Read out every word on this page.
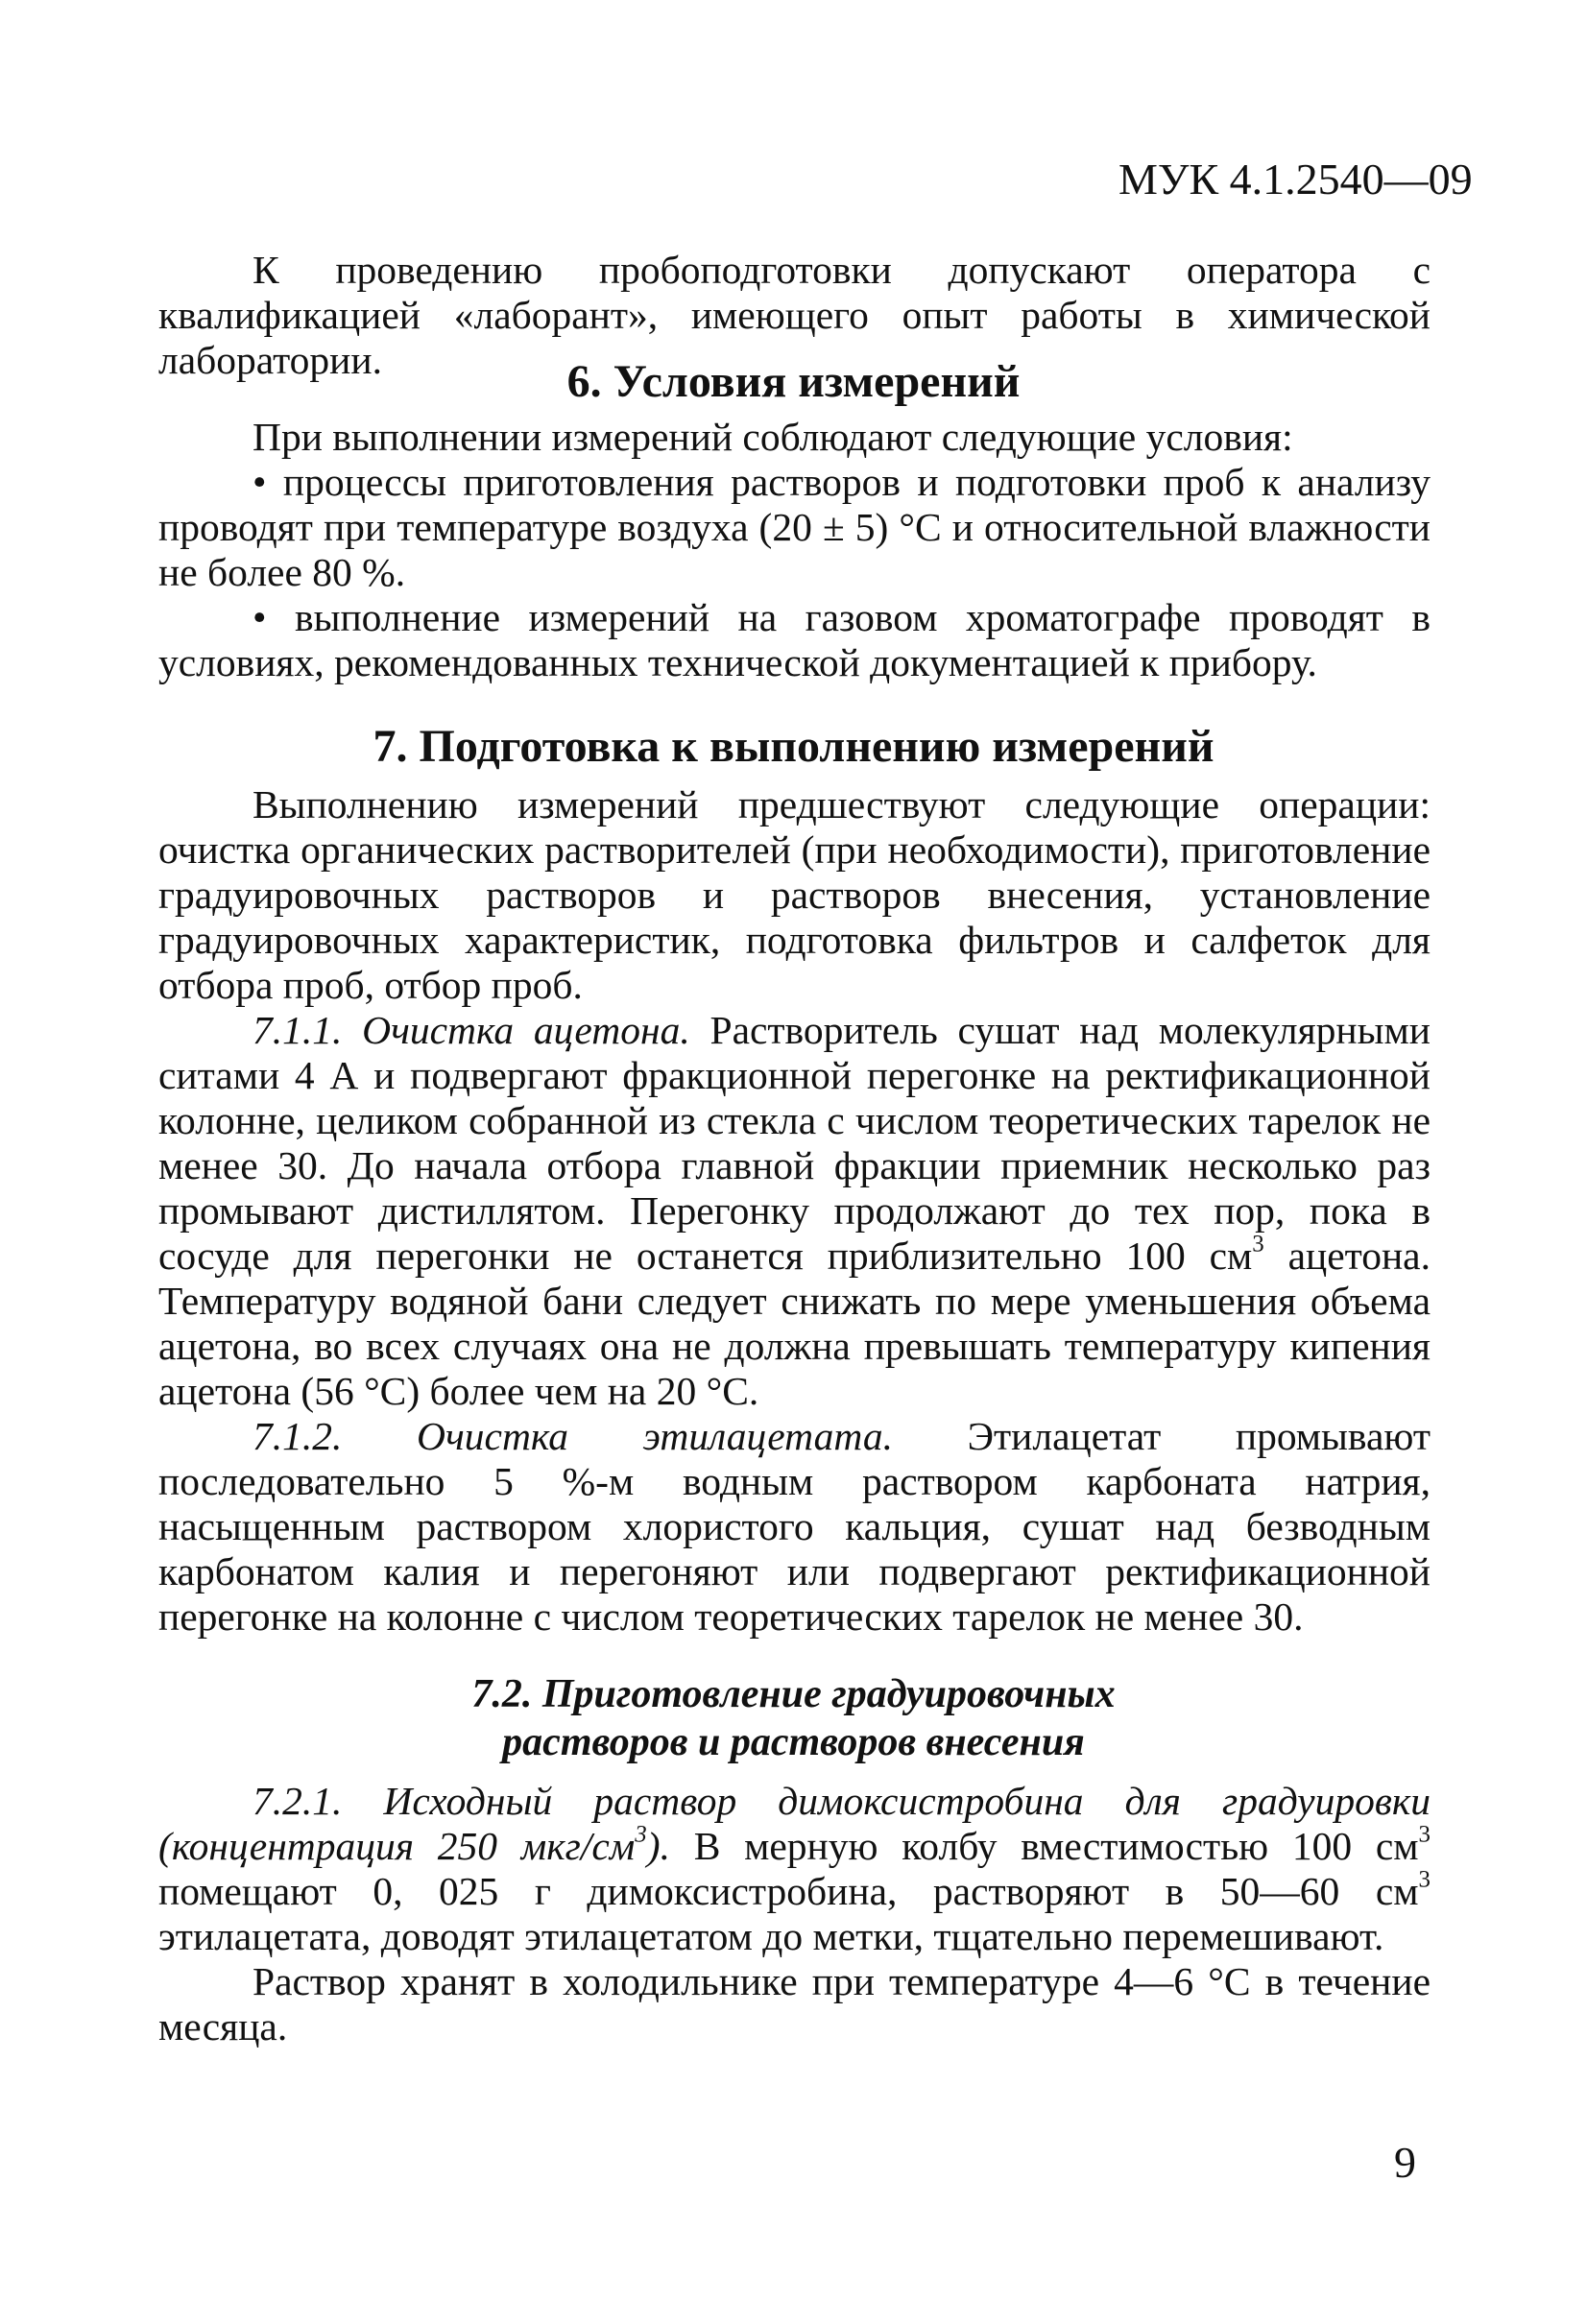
МУК 4.1.2540—09

К проведению пробоподготовки допускают оператора с квалификацией «лаборант», имеющего опыт работы в химической лаборатории.	6. Условия измерений

При выполнении измерений соблюдают следующие условия:

• процессы приготовления растворов и подготовки проб к анализу проводят при температуре воздуха (20 ± 5) °С и относительной влажности не более 80 %.

• выполнение измерений на газовом хроматографе проводят в условиях, рекомендованных технической документацией к прибору.

7. Подготовка к выполнению измерений

Выполнению измерений предшествуют следующие операции: очистка органических растворителей (при необходимости), приготовление градуировочных растворов и растворов внесения, установление градуировочных характеристик, подготовка фильтров и салфеток для отбора проб, отбор проб.

7.1.1. Очистка ацетона. Растворитель сушат над молекулярными ситами 4 А и подвергают фракционной перегонке на ректификационной колонне, целиком собранной из стекла с числом теоретических тарелок не менее 30. До начала отбора главной фракции приемник несколько раз промывают дистиллятом. Перегонку продолжают до тех пор, пока в сосуде для перегонки не останется приблизительно 100 $см^3$ ацетона. Температуру водяной бани следует снижать по мере уменьшения объема ацетона, во всех случаях она не должна превышать температуру кипения ацетона (56 °С) более чем на 20 °С.

7.1.2. Очистка этилацетата. Этилацетат промывают последовательно 5 %-м водным раствором карбоната натрия, насыщенным раствором хлористого кальция, сушат над безводным карбонатом калия и перегоняют или подвергают ректификационной перегонке на колонне с числом теоретических тарелок не менее 30.

7.2. Приготовление градуировочных
растворов и растворов внесения

7.2.1. Исходный раствор димоксистробина для градуировки (концентрация 250 мкг/$см^3$). В мерную колбу вместимостью 100 $см^3$ помещают 0, 025 г димоксистробина, растворяют в 50—60 $см^3$ этилацетата, доводят этилацетатом до метки, тщательно перемешивают.

Раствор хранят в холодильнике при температуре 4—6 °С в течение месяца.

9
